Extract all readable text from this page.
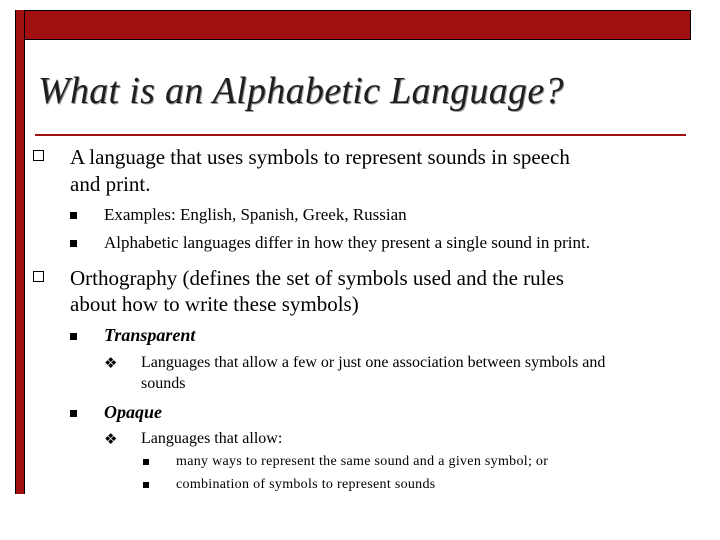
What is an Alphabetic Language?
A language that uses symbols to represent sounds in speech
and print.
Examples: English, Spanish, Greek, Russian
Alphabetic languages differ in how they present a single sound in print.
Orthography (defines the set of symbols used and the rules
about how to write these symbols)
Transparent
❖ Languages that allow a few or just one association between symbols and
sounds
Opaque
❖ Languages that allow:
many ways to represent the same sound and a given symbol; or
combination of symbols to represent sounds
